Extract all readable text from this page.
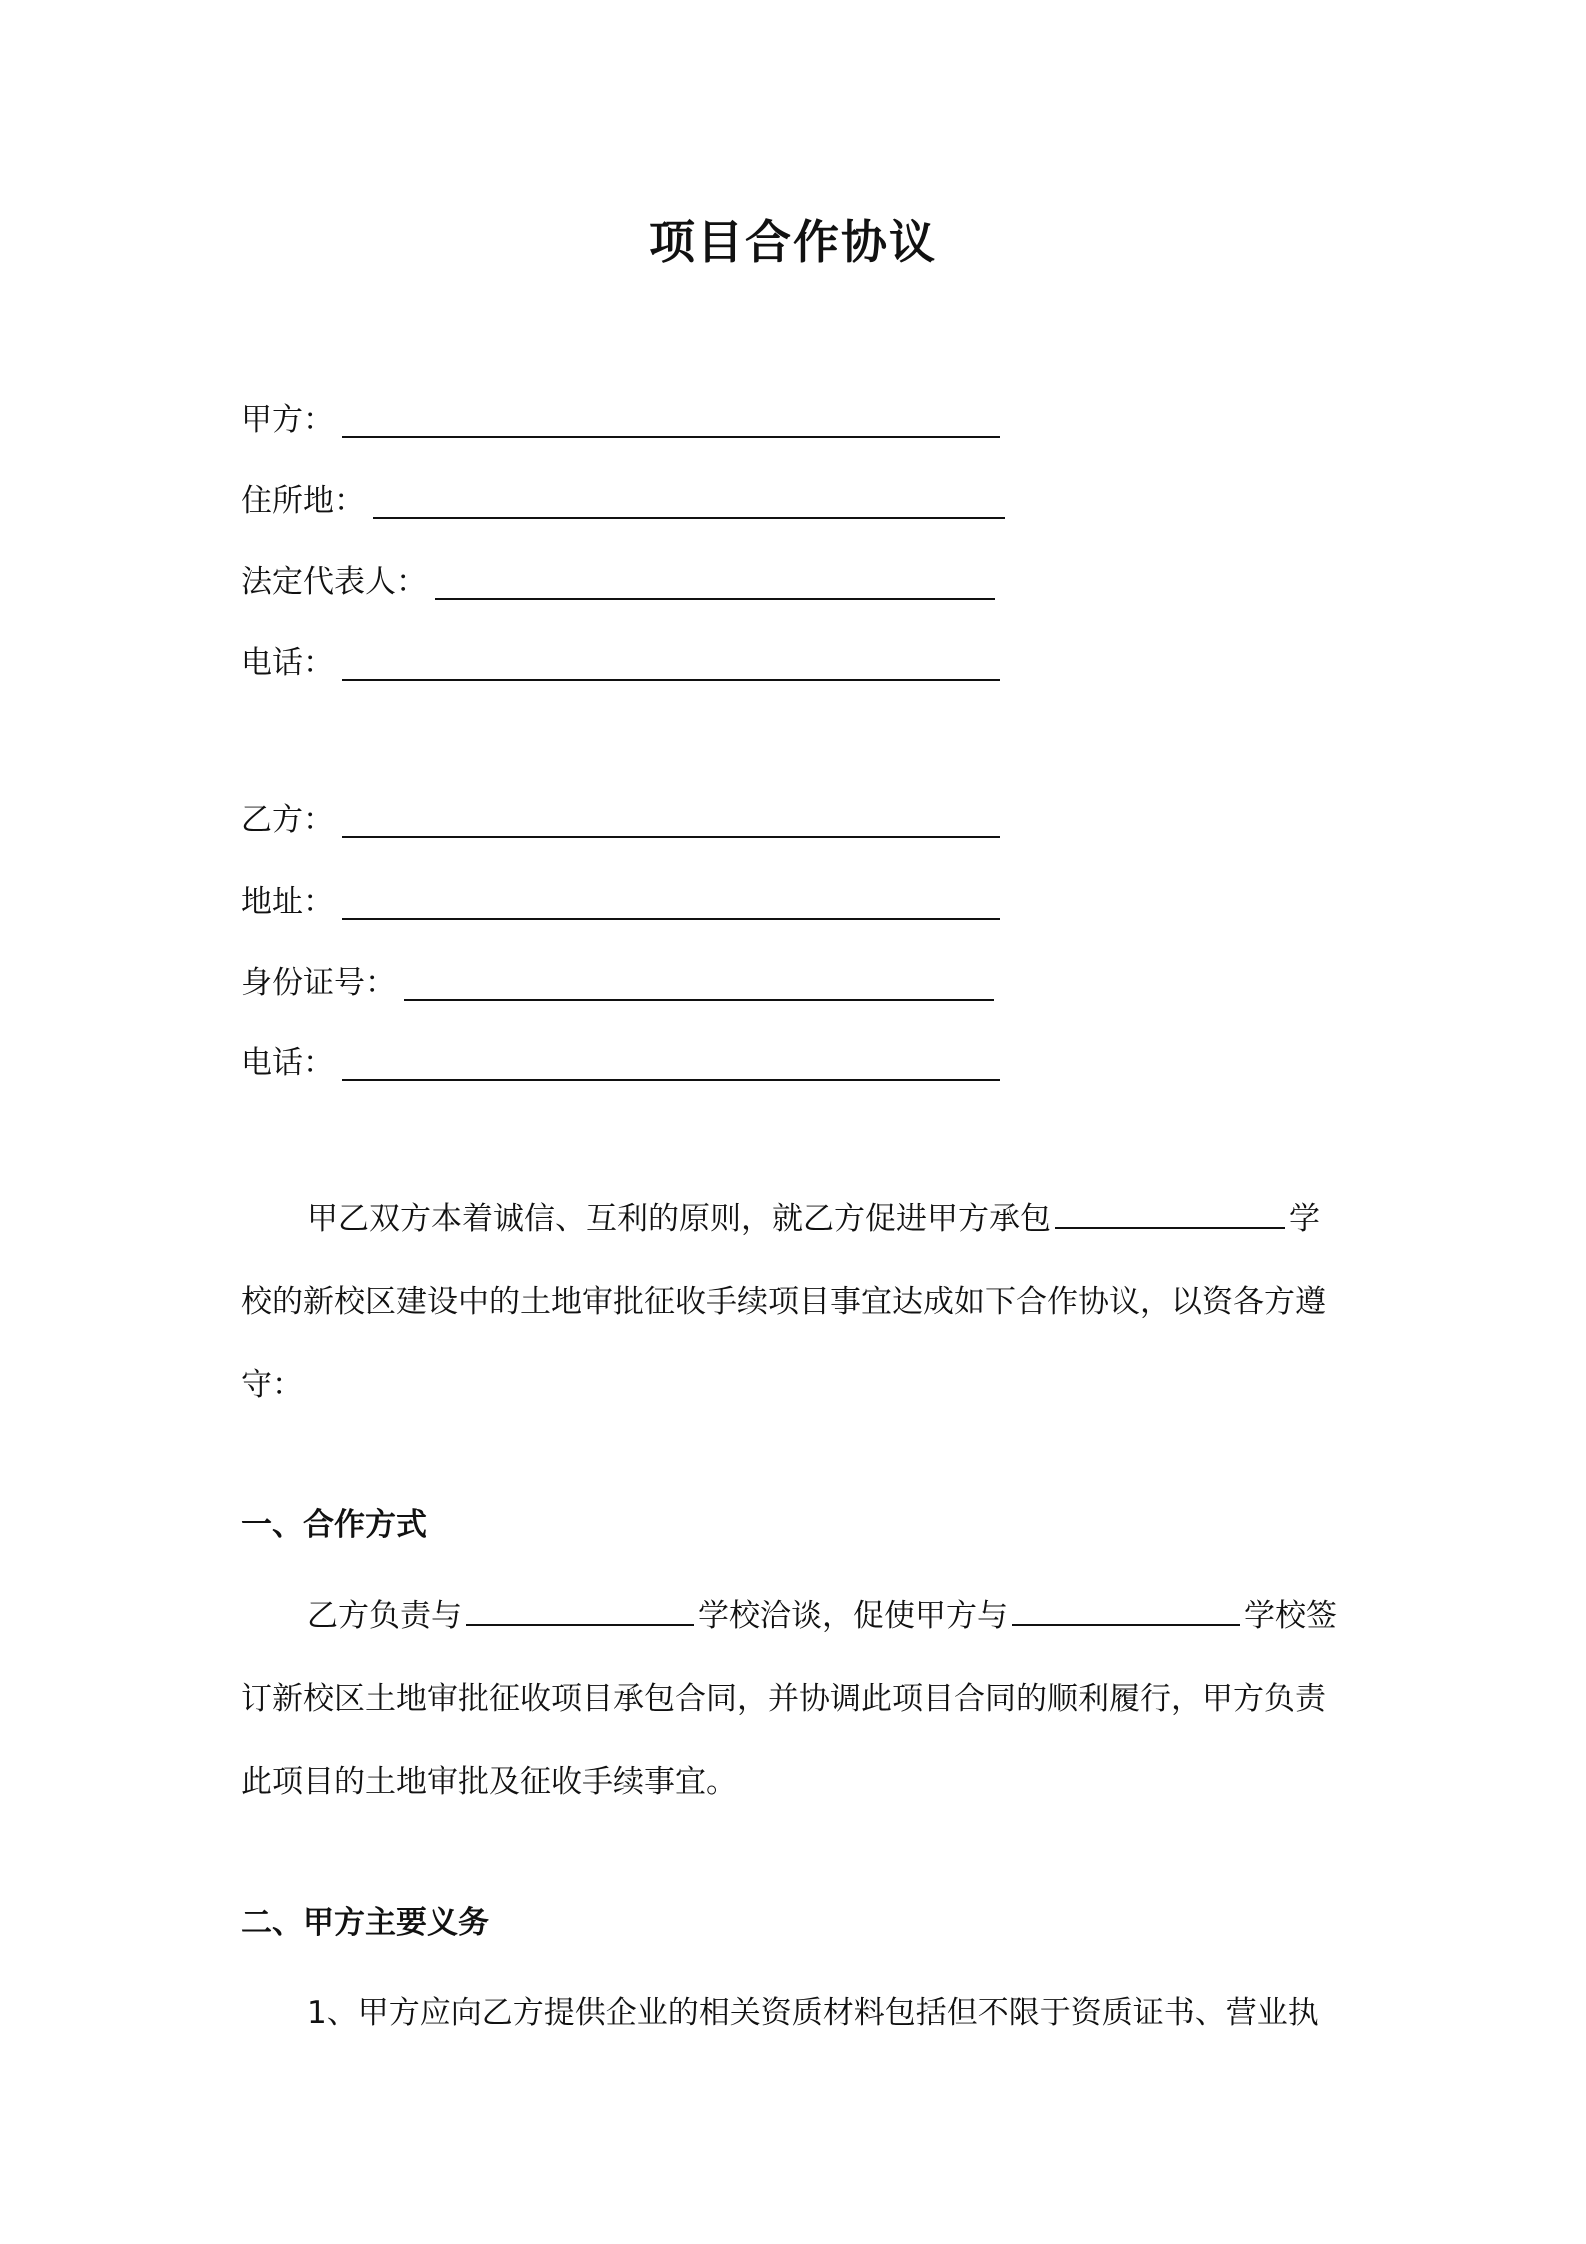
项目合作协议
甲方：
住所地：
法定代表人：
电话：
乙方：
地址：
身份证号：
电话：
甲乙双方本着诚信、互利的原则，就乙方促进甲方承包	学
校的新校区建设中的土地审批征收手续项目事宜达成如下合作协议，以资各方遵
守：
一、合作方式
乙方负责与	学校洽谈，促使甲方与	学校签
订新校区土地审批征收项目承包合同，并协调此项目合同的顺利履行，甲方负责
此项目的土地审批及征收手续事宜。
二、甲方主要义务
1、甲方应向乙方提供企业的相关资质材料包括但不限于资质证书、营业执
